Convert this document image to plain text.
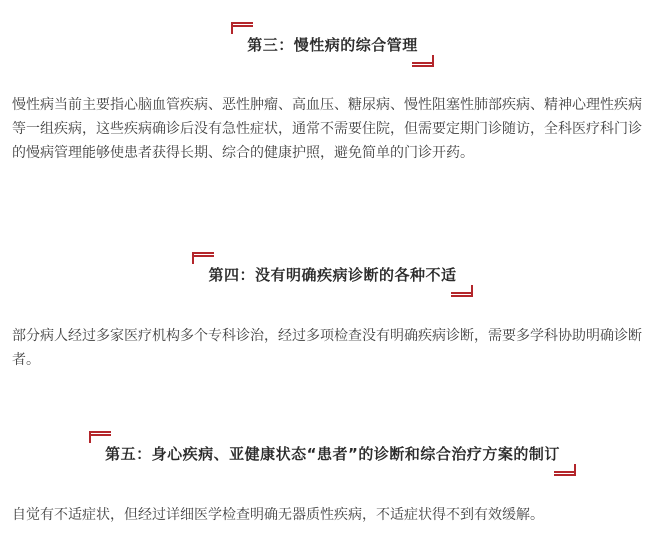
第三：慢性病的综合管理

慢性病当前主要指心脑血管疾病、恶性肿瘤、高血压、糖尿病、慢性阻塞性肺部疾病、精神心理性疾病等一组疾病，这些疾病确诊后没有急性症状，通常不需要住院，但需要定期门诊随访，全科医疗科门诊的慢病管理能够使患者获得长期、综合的健康护照，避免简单的门诊开药。

第四：没有明确疾病诊断的各种不适

部分病人经过多家医疗机构多个专科诊治，经过多项检查没有明确疾病诊断，需要多学科协助明确诊断者。

第五：身心疾病、亚健康状态“患者”的诊断和综合治疗方案的制订

自觉有不适症状，但经过详细医学检查明确无器质性疾病，不适症状得不到有效缓解。
